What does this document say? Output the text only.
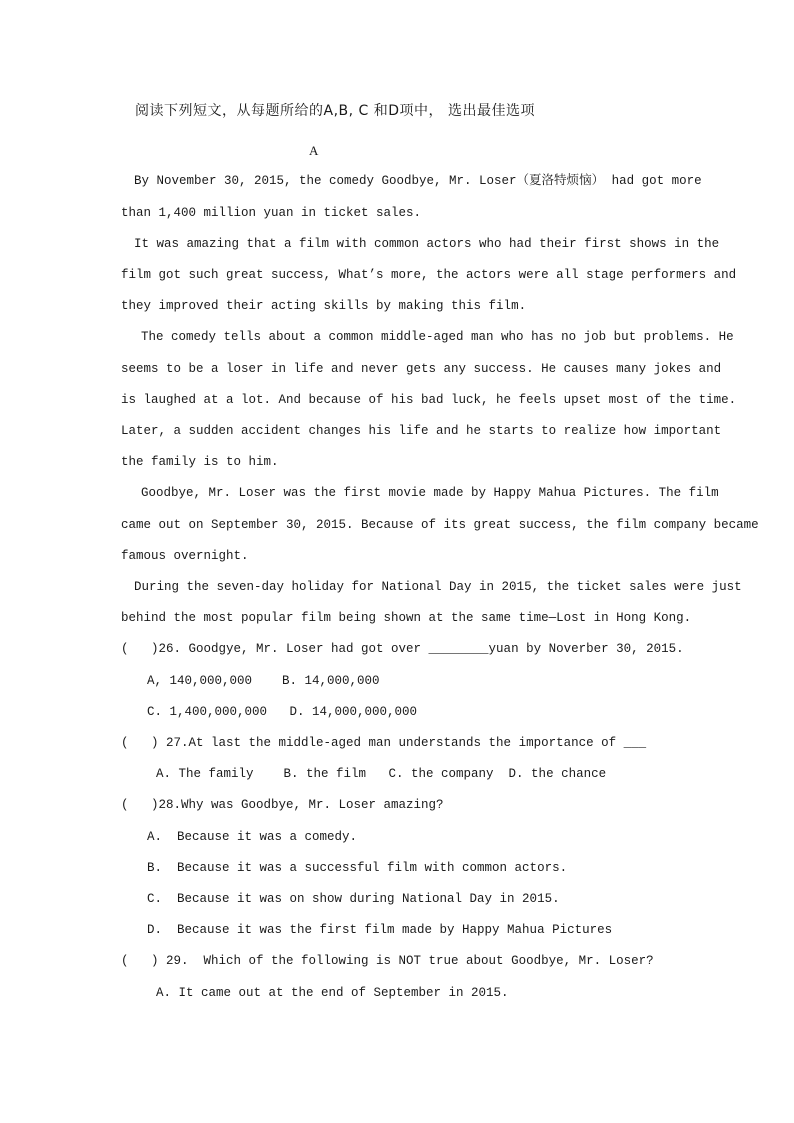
阅读下列短文，从每题所给的A,B, C 和D项中， 选出最佳选项
A
By November 30, 2015, the comedy Goodbye, Mr. Loser（夏洛特烦恼） had got more
than 1,400 million yuan in ticket sales.
It was amazing that a film with common actors who had their first shows in the
film got such great success, What’s more, the actors were all stage performers and
they improved their acting skills by making this film.
The comedy tells about a common middle-aged man who has no job but problems. He
seems to be a loser in life and never gets any success. He causes many jokes and
is laughed at a lot. And because of his bad luck, he feels upset most of the time.
Later, a sudden accident changes his life and he starts to realize how important
the family is to him.
Goodbye, Mr. Loser was the first movie made by Happy Mahua Pictures. The film
came out on September 30, 2015. Because of its great success, the film company became
famous overnight.
During the seven-day holiday for National Day in 2015, the ticket sales were just
behind the most popular film being shown at the same time—Lost in Hong Kong.
(   )26. Goodgye, Mr. Loser had got over ________yuan by Noverber 30, 2015.
A, 140,000,000    B. 14,000,000
C. 1,400,000,000   D. 14,000,000,000
(   ) 27.At last the middle-aged man understands the importance of ___
A. The family    B. the film   C. the company  D. the chance
(   )28.Why was Goodbye, Mr. Loser amazing?
A.  Because it was a comedy.
B.  Because it was a successful film with common actors.
C.  Because it was on show during National Day in 2015.
D.  Because it was the first film made by Happy Mahua Pictures
(   ) 29.  Which of the following is NOT true about Goodbye, Mr. Loser?
A. It came out at the end of September in 2015.
